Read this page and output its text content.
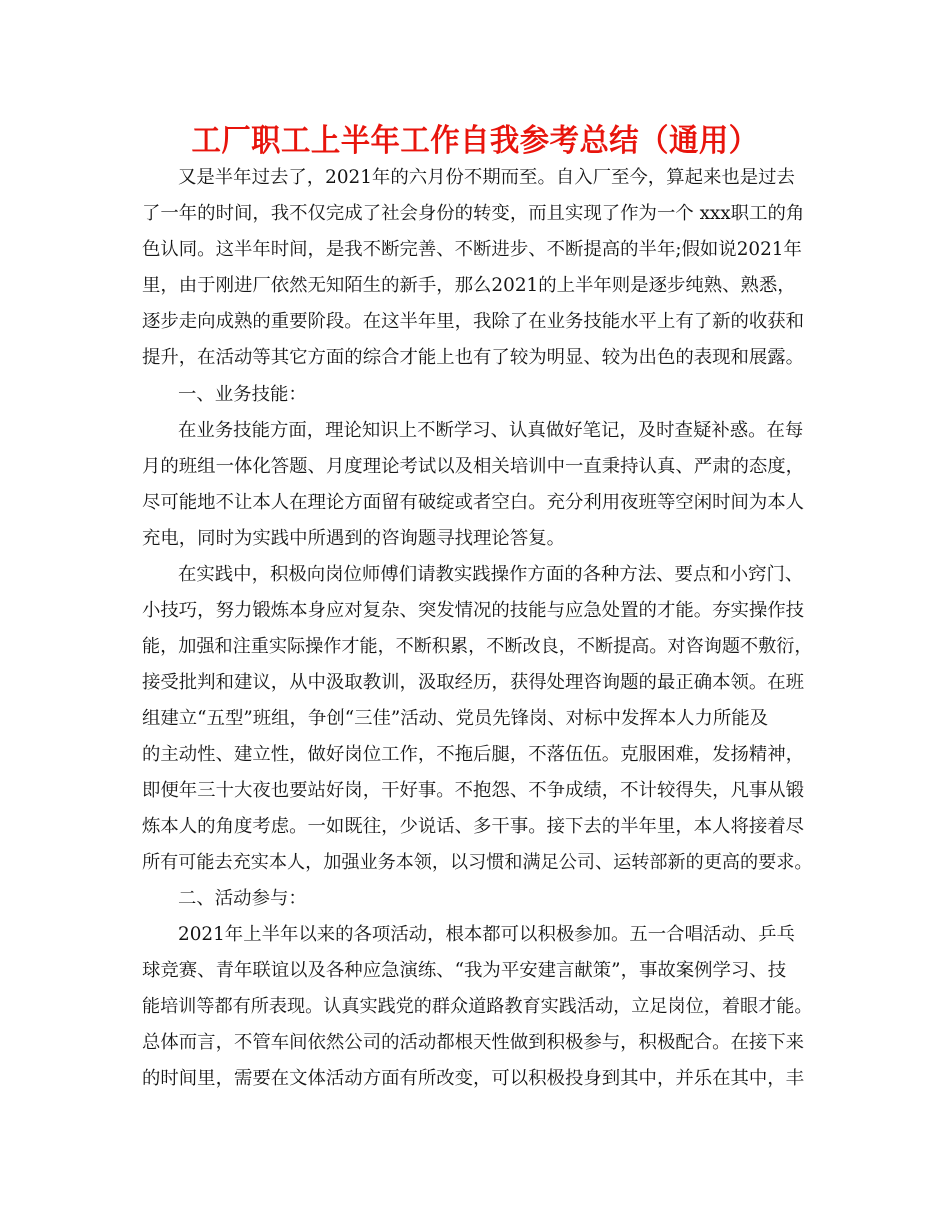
工厂职工上半年工作自我参考总结（通用）
又是半年过去了，2021年的六月份不期而至。自入厂至今，算起来也是过去
了一年的时间，我不仅完成了社会身份的转变，而且实现了作为一个 xxx职工的角
色认同。这半年时间，是我不断完善、不断进步、不断提高的半年;假如说2021年
里，由于刚进厂依然无知陌生的新手，那么2021的上半年则是逐步纯熟、熟悉，
逐步走向成熟的重要阶段。在这半年里，我除了在业务技能水平上有了新的收获和
提升，在活动等其它方面的综合才能上也有了较为明显、较为出色的表现和展露。
一、业务技能：
在业务技能方面，理论知识上不断学习、认真做好笔记，及时查疑补惑。在每
月的班组一体化答题、月度理论考试以及相关培训中一直秉持认真、严肃的态度，
尽可能地不让本人在理论方面留有破绽或者空白。充分利用夜班等空闲时间为本人
充电，同时为实践中所遇到的咨询题寻找理论答复。
在实践中，积极向岗位师傅们请教实践操作方面的各种方法、要点和小窍门、
小技巧，努力锻炼本身应对复杂、突发情况的技能与应急处置的才能。夯实操作技
能，加强和注重实际操作才能，不断积累，不断改良，不断提高。对咨询题不敷衍，
接受批判和建议，从中汲取教训，汲取经历，获得处理咨询题的最正确本领。在班
组建立“五型”班组，争创“三佳”活动、党员先锋岗、对标中发挥本人力所能及
的主动性、建立性，做好岗位工作，不拖后腿，不落伍伍。克服困难，发扬精神，
即便年三十大夜也要站好岗，干好事。不抱怨、不争成绩，不计较得失，凡事从锻
炼本人的角度考虑。一如既往，少说话、多干事。接下去的半年里，本人将接着尽
所有可能去充实本人，加强业务本领，以习惯和满足公司、运转部新的更高的要求。
二、活动参与：
2021年上半年以来的各项活动，根本都可以积极参加。五一合唱活动、乒乓
球竞赛、青年联谊以及各种应急演练、“我为平安建言献策”，事故案例学习、技
能培训等都有所表现。认真实践党的群众道路教育实践活动，立足岗位，着眼才能。
总体而言，不管车间依然公司的活动都根天性做到积极参与，积极配合。在接下来
的时间里，需要在文体活动方面有所改变，可以积极投身到其中，并乐在其中，丰
